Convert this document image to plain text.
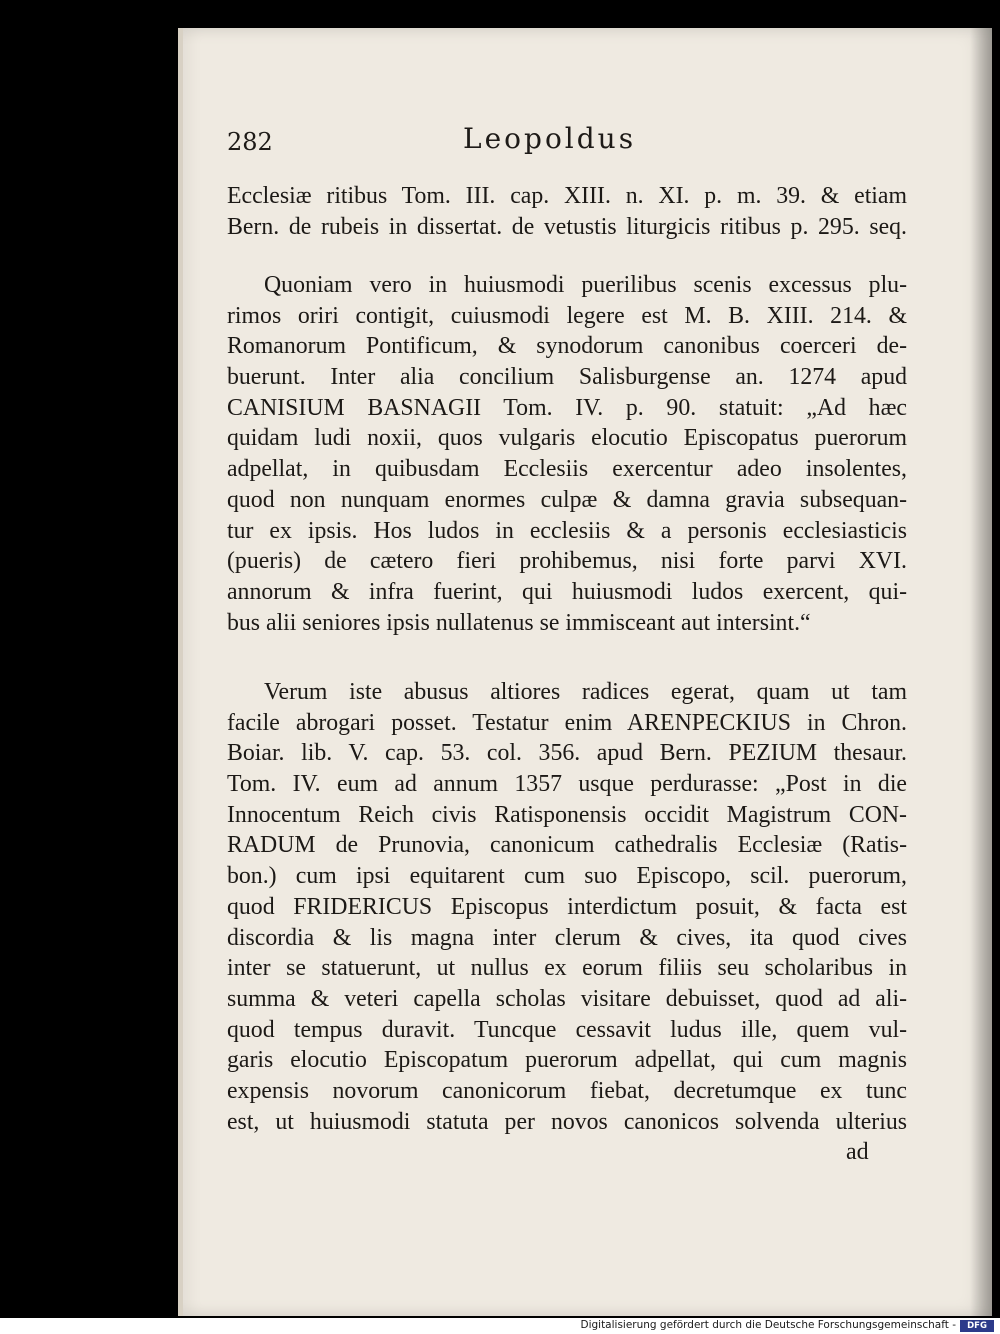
282	Leopoldus
Ecclesiæ ritibus Tom. III. cap. XIII. n. XI. p. m. 39. & etiam
Bern. de rubeis in dissertat. de vetustis liturgicis ritibus p. 295. seq.
Quoniam vero in huiusmodi puerilibus scenis excessus plu-
rimos oriri contigit, cuiusmodi legere est M. B. XIII. 214. &
Romanorum Pontificum, & synodorum canonibus coerceri de-
buerunt. Inter alia concilium Salisburgense an. 1274 apud
CANISIUM BASNAGII Tom. IV. p. 90. statuit: „Ad hæc
quidam ludi noxii, quos vulgaris elocutio Episcopatus puerorum
adpellat, in quibusdam Ecclesiis exercentur adeo insolentes,
quod non nunquam enormes culpæ & damna gravia subsequan-
tur ex ipsis. Hos ludos in ecclesiis & a personis ecclesiasticis
(pueris) de cætero fieri prohibemus, nisi forte parvi XVI.
annorum & infra fuerint, qui huiusmodi ludos exercent, qui-
bus alii seniores ipsis nullatenus se immisceant aut intersint.“
Verum iste abusus altiores radices egerat, quam ut tam
facile abrogari posset. Testatur enim ARENPECKIUS in Chron.
Boiar. lib. V. cap. 53. col. 356. apud Bern. PEZIUM thesaur.
Tom. IV. eum ad annum 1357 usque perdurasse: „Post in die
Innocentum Reich civis Ratisponensis occidit Magistrum CON-
RADUM de Prunovia, canonicum cathedralis Ecclesiæ (Ratis-
bon.) cum ipsi equitarent cum suo Episcopo, scil. puerorum,
quod FRIDERICUS Episcopus interdictum posuit, & facta est
discordia & lis magna inter clerum & cives, ita quod cives
inter se statuerunt, ut nullus ex eorum filiis seu scholaribus in
summa & veteri capella scholas visitare debuisset, quod ad ali-
quod tempus duravit. Tuncque cessavit ludus ille, quem vul-
garis elocutio Episcopatum puerorum adpellat, qui cum magnis
expensis novorum canonicorum fiebat, decretumque ex tunc
est, ut huiusmodi statuta per novos canonicos solvenda ulterius
ad
Digitalisierung gefördert durch die Deutsche Forschungsgemeinschaft -	DFG
